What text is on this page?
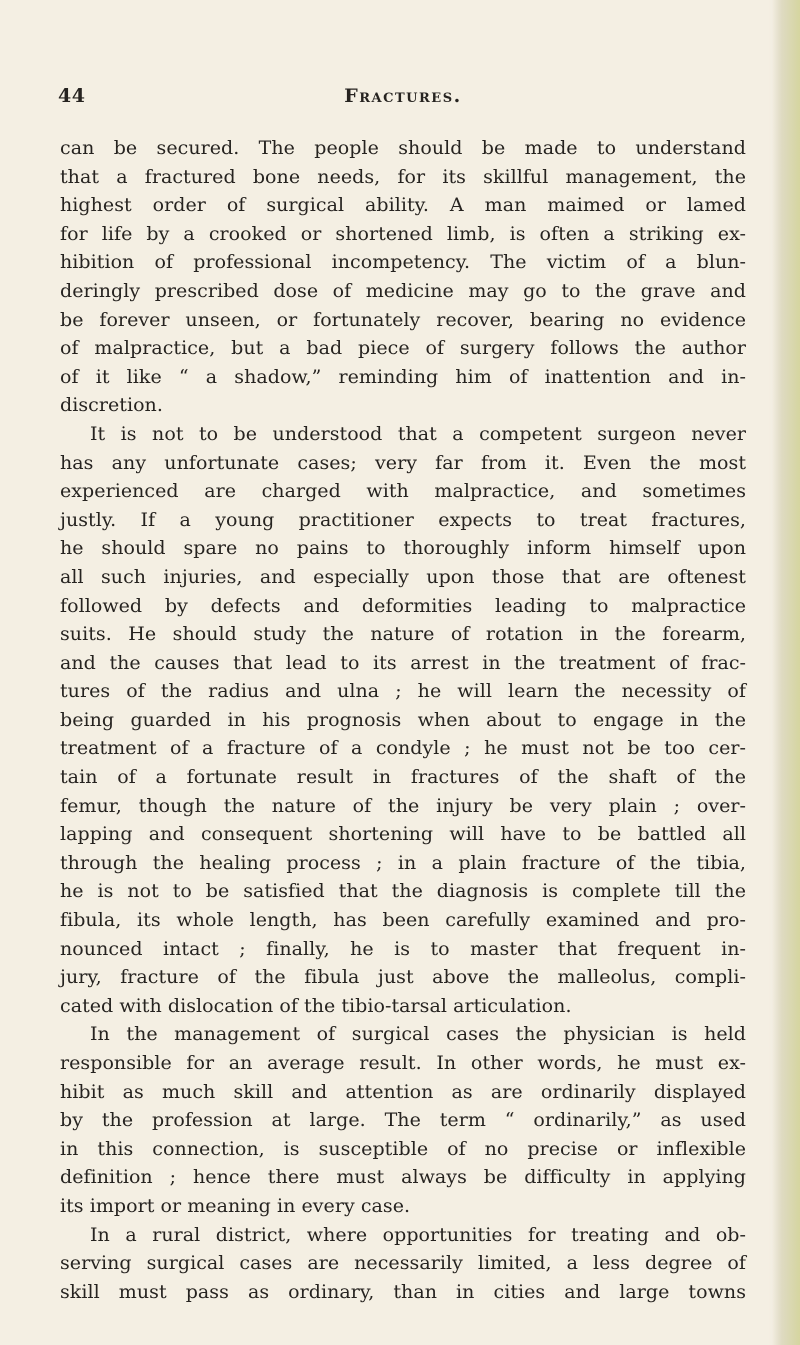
44	Fractures.
can be secured. The people should be made to understand
that a fractured bone needs, for its skillful management, the
highest order of surgical ability. A man maimed or lamed
for life by a crooked or shortened limb, is often a striking ex-
hibition of professional incompetency. The victim of a blun-
deringly prescribed dose of medicine may go to the grave and
be forever unseen, or fortunately recover, bearing no evidence
of malpractice, but a bad piece of surgery follows the author
of it like “ a shadow,” reminding him of inattention and in-
discretion.
It is not to be understood that a competent surgeon never
has any unfortunate cases; very far from it. Even the most
experienced are charged with malpractice, and sometimes
justly. If a young practitioner expects to treat fractures,
he should spare no pains to thoroughly inform himself upon
all such injuries, and especially upon those that are oftenest
followed by defects and deformities leading to malpractice
suits. He should study the nature of rotation in the forearm,
and the causes that lead to its arrest in the treatment of frac-
tures of the radius and ulna ; he will learn the necessity of
being guarded in his prognosis when about to engage in the
treatment of a fracture of a condyle ; he must not be too cer-
tain of a fortunate result in fractures of the shaft of the
femur, though the nature of the injury be very plain ; over-
lapping and consequent shortening will have to be battled all
through the healing process ; in a plain fracture of the tibia,
he is not to be satisfied that the diagnosis is complete till the
fibula, its whole length, has been carefully examined and pro-
nounced intact ; finally, he is to master that frequent in-
jury, fracture of the fibula just above the malleolus, compli-
cated with dislocation of the tibio-tarsal articulation.
In the management of surgical cases the physician is held
responsible for an average result. In other words, he must ex-
hibit as much skill and attention as are ordinarily displayed
by the profession at large. The term “ ordinarily,” as used
in this connection, is susceptible of no precise or inflexible
definition ; hence there must always be difficulty in applying
its import or meaning in every case.
In a rural district, where opportunities for treating and ob-
serving surgical cases are necessarily limited, a less degree of
skill must pass as ordinary, than in cities and large towns
